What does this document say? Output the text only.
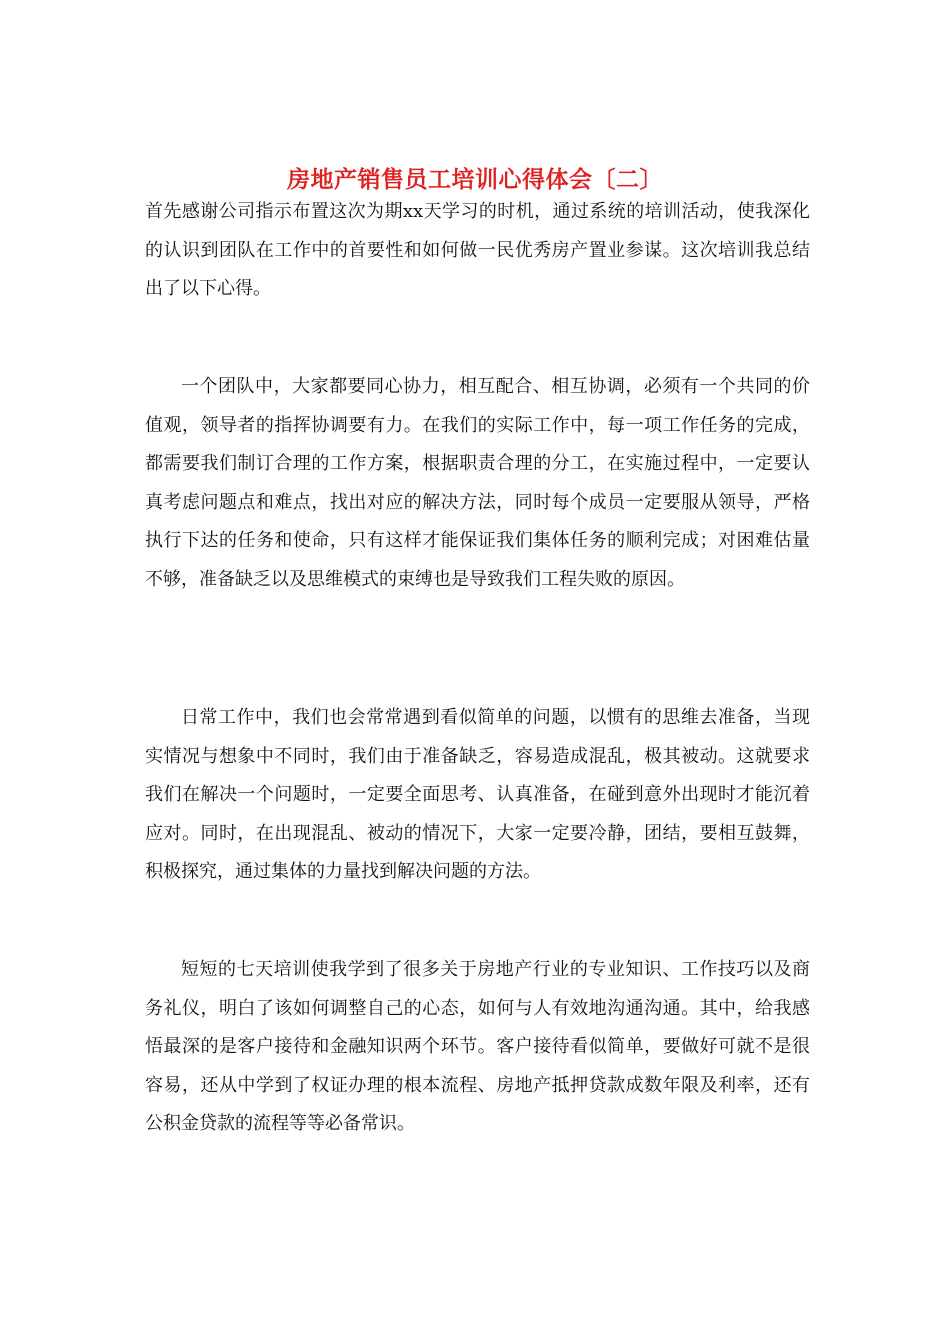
房地产销售员工培训心得体会〔二〕

首先感谢公司指示布置这次为期xx天学习的时机，通过系统的培训活动，使我深化的认识到团队在工作中的首要性和如何做一民优秀房产置业参谋。这次培训我总结出了以下心得。

一个团队中，大家都要同心协力，相互配合、相互协调，必须有一个共同的价值观，领导者的指挥协调要有力。在我们的实际工作中，每一项工作任务的完成，都需要我们制订合理的工作方案，根据职责合理的分工，在实施过程中，一定要认真考虑问题点和难点，找出对应的解决方法，同时每个成员一定要服从领导，严格执行下达的任务和使命，只有这样才能保证我们集体任务的顺利完成；对困难估量不够，准备缺乏以及思维模式的束缚也是导致我们工程失败的原因。

日常工作中，我们也会常常遇到看似简单的问题，以惯有的思维去准备，当现实情况与想象中不同时，我们由于准备缺乏，容易造成混乱，极其被动。这就要求我们在解决一个问题时，一定要全面思考、认真准备，在碰到意外出现时才能沉着应对。同时，在出现混乱、被动的情况下，大家一定要冷静，团结，要相互鼓舞，积极探究，通过集体的力量找到解决问题的方法。

短短的七天培训使我学到了很多关于房地产行业的专业知识、工作技巧以及商务礼仪，明白了该如何调整自己的心态，如何与人有效地沟通沟通。其中，给我感悟最深的是客户接待和金融知识两个环节。客户接待看似简单，要做好可就不是很容易，还从中学到了权证办理的根本流程、房地产抵押贷款成数年限及利率，还有公积金贷款的流程等等必备常识。
